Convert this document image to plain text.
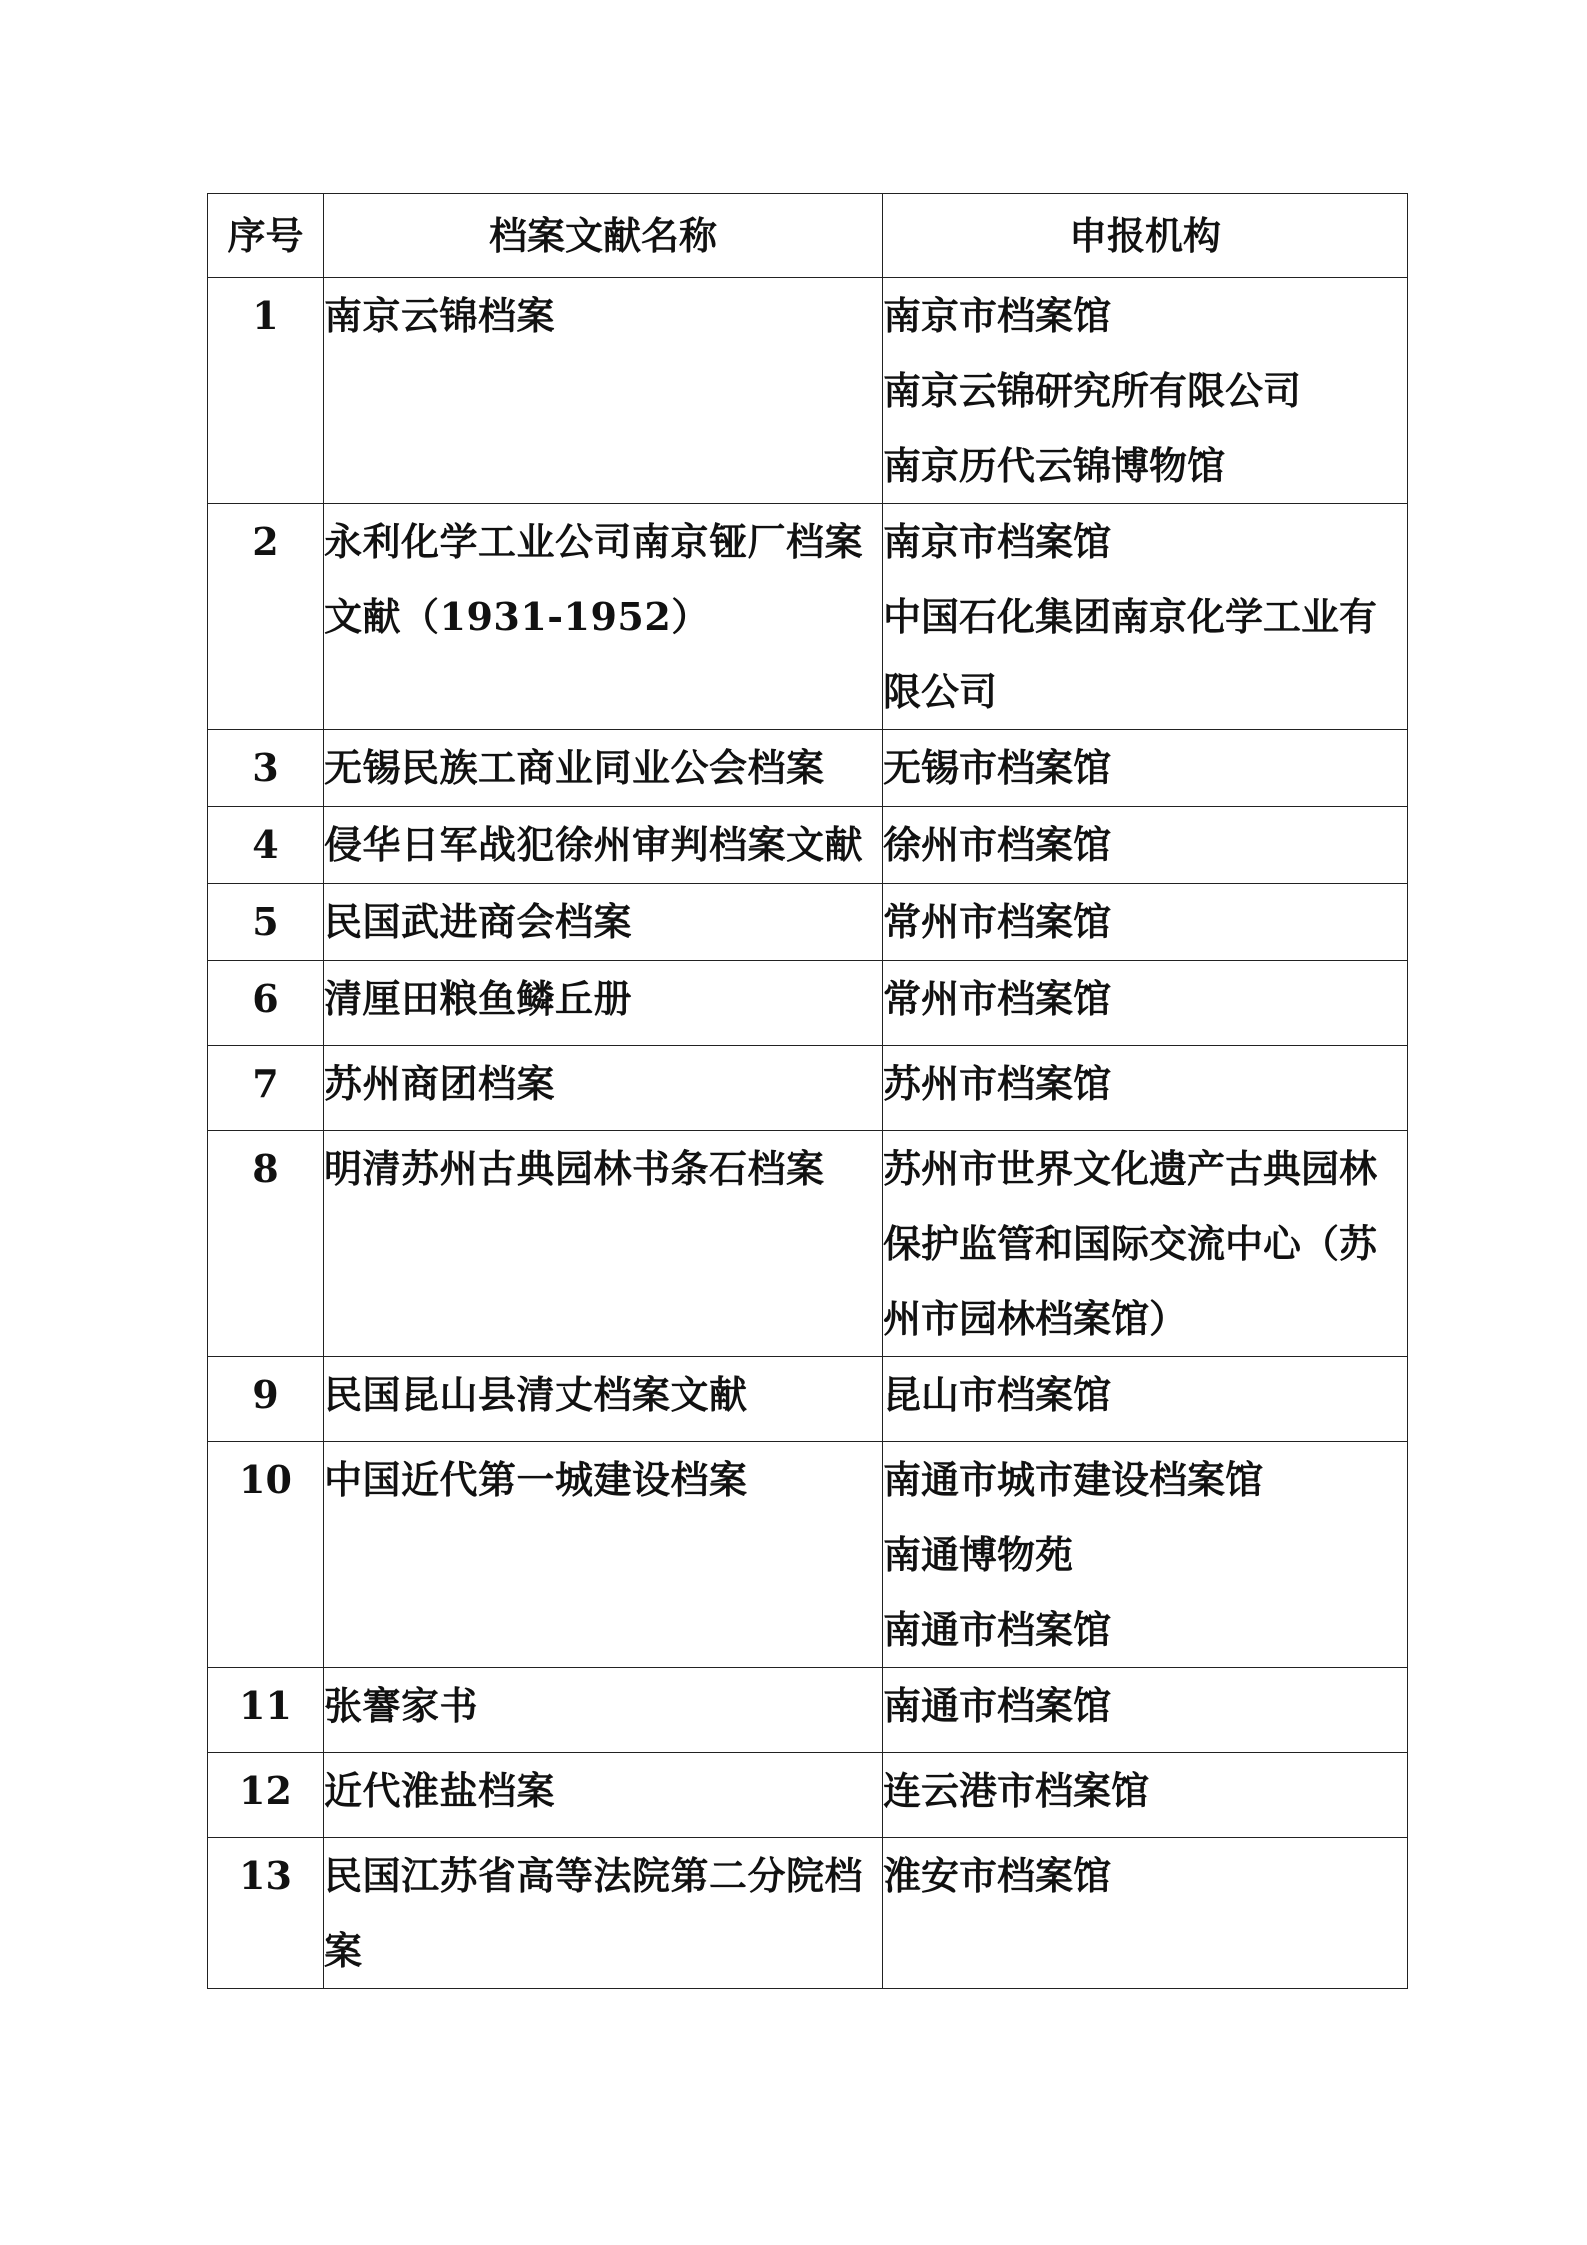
序号	档案文献名称	申报机构
1	南京云锦档案	南京市档案馆
南京云锦研究所有限公司
南京历代云锦博物馆

2	永利化学工业公司南京铔厂档案文献（1931-1952）	南京市档案馆
中国石化集团南京化学工业有限公司

3	无锡民族工商业同业公会档案	无锡市档案馆

4	侵华日军战犯徐州审判档案文献	徐州市档案馆

5	民国武进商会档案	常州市档案馆

6	清厘田粮鱼鳞丘册	常州市档案馆

7	苏州商团档案	苏州市档案馆

8	明清苏州古典园林书条石档案	苏州市世界文化遗产古典园林保护监管和国际交流中心（苏州市园林档案馆）

9	民国昆山县清丈档案文献	昆山市档案馆

10	中国近代第一城建设档案	南通市城市建设档案馆
南通博物苑
南通市档案馆

11	张謇家书	南通市档案馆

12	近代淮盐档案	连云港市档案馆

13	民国江苏省高等法院第二分院档案	淮安市档案馆
